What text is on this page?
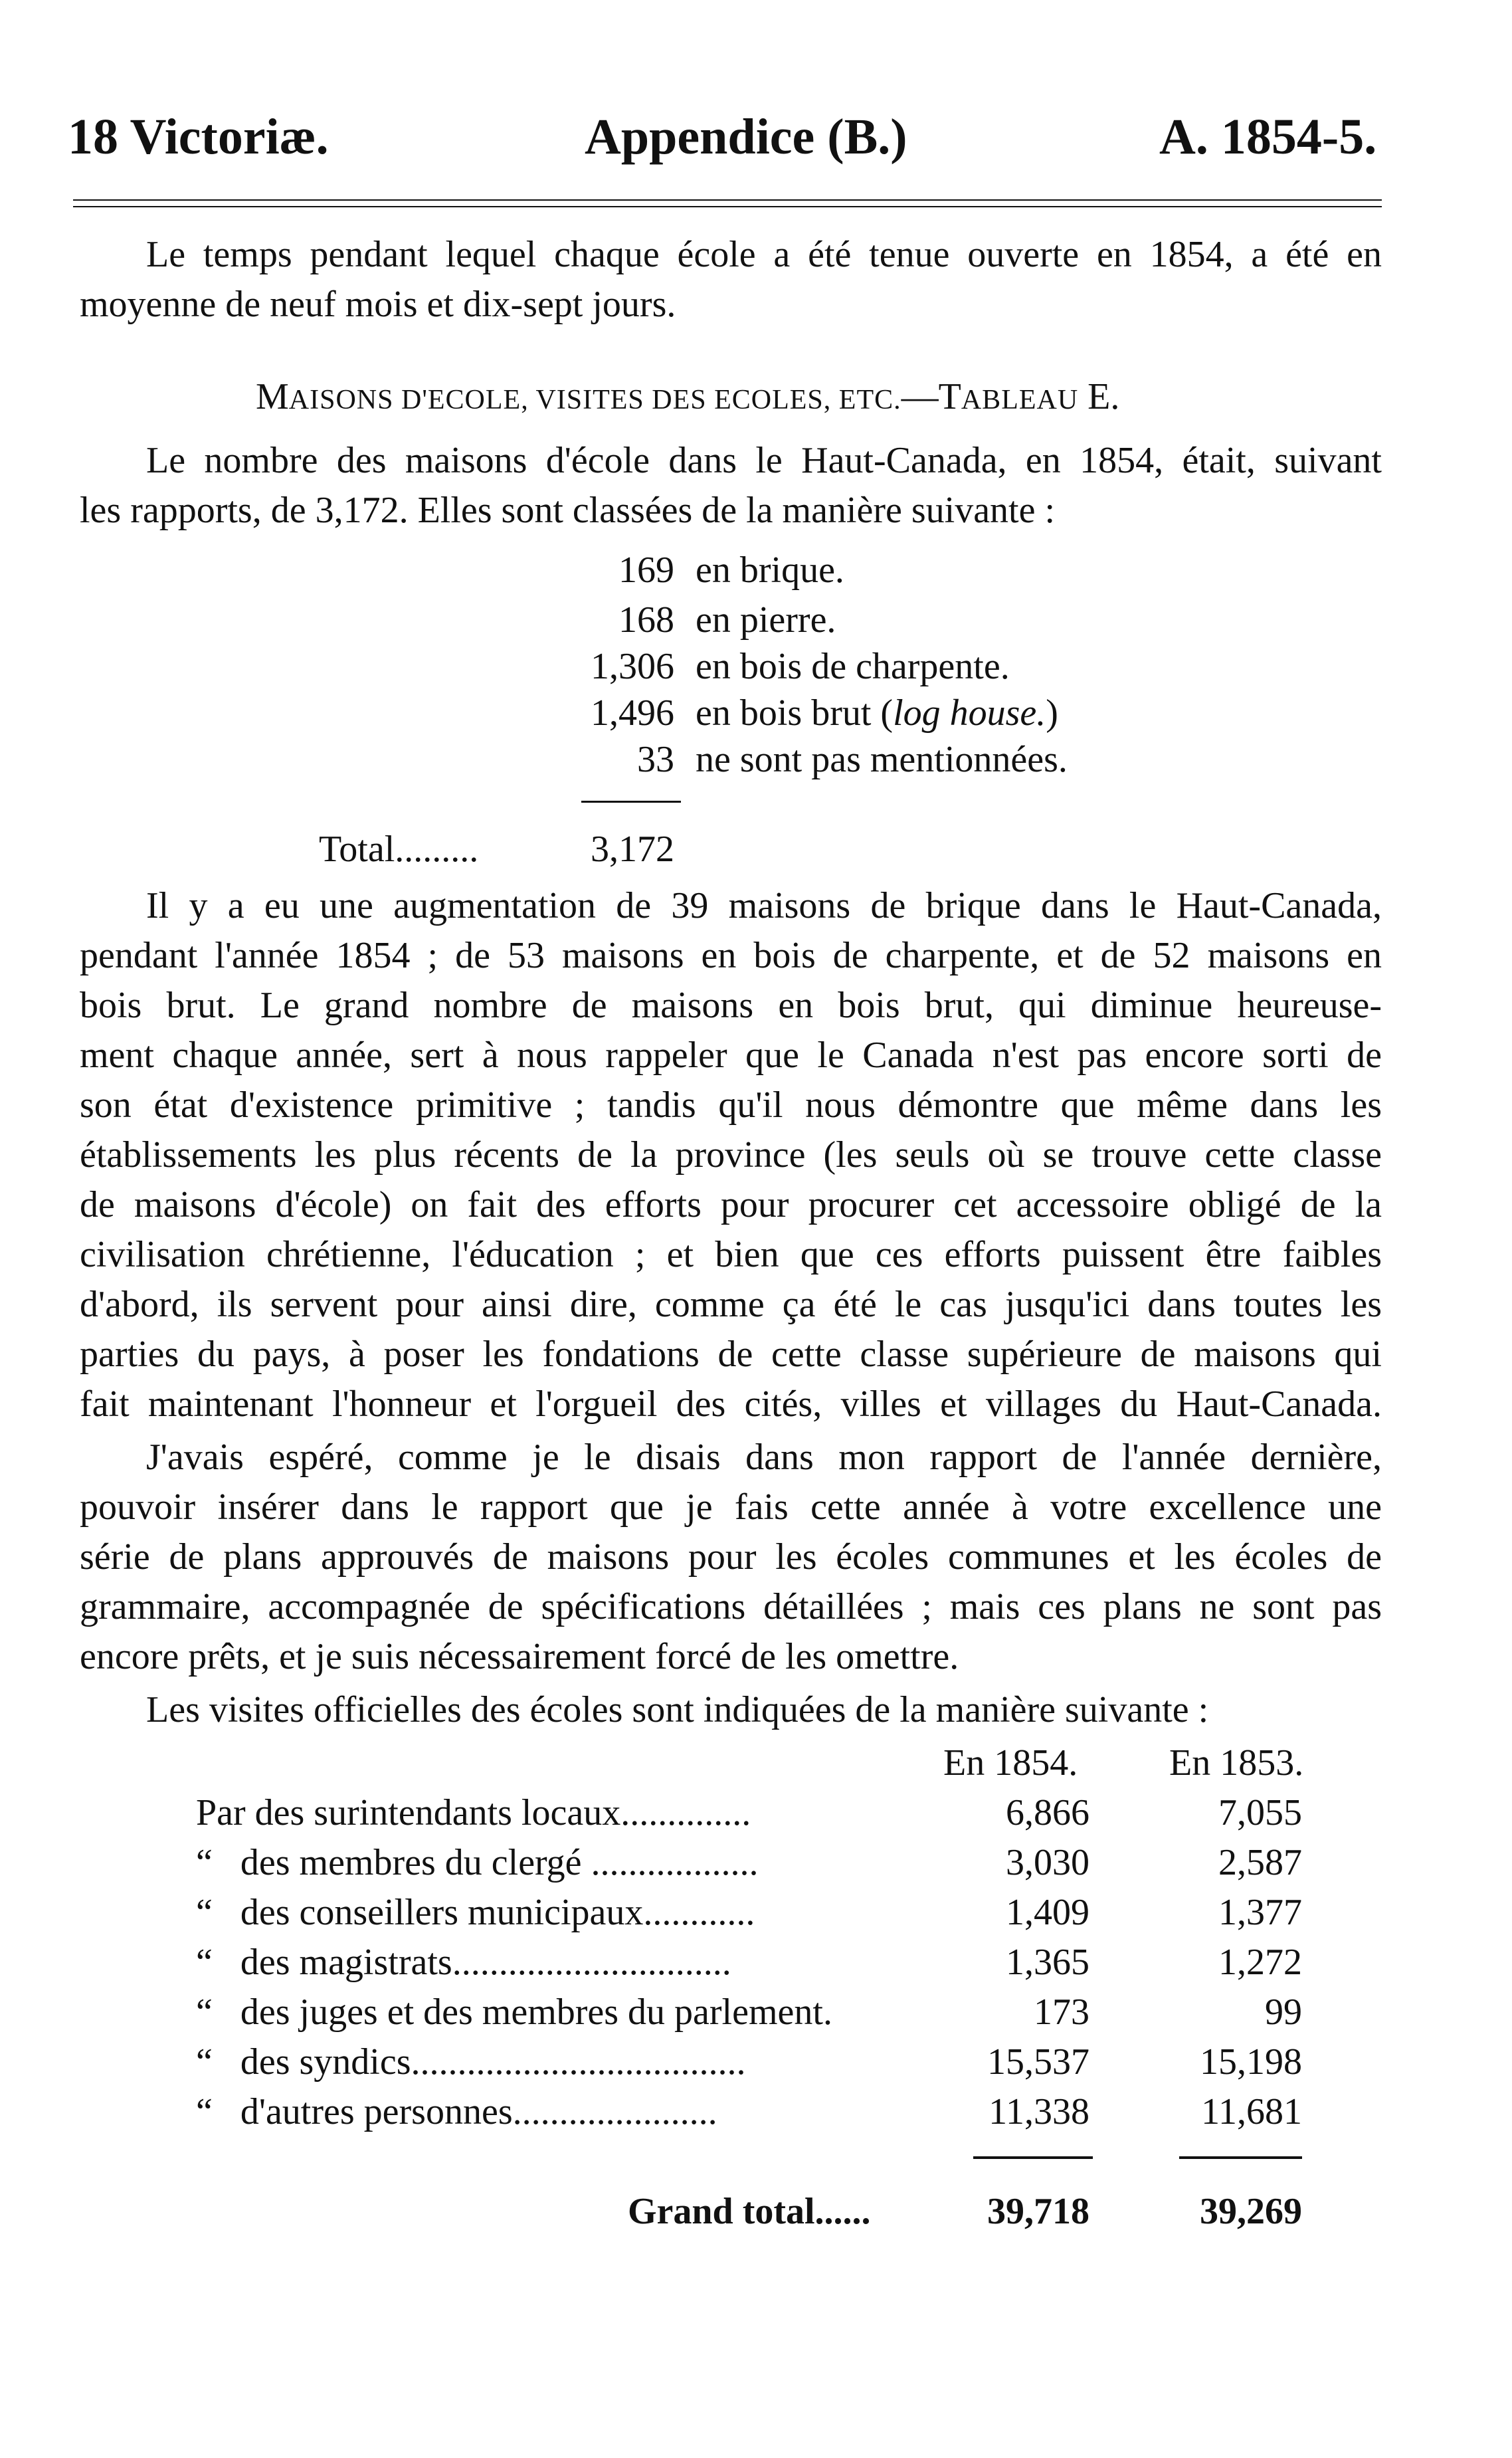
18 Victoriæ.	Appendice (B.)	A. 1854-5.
Le temps pendant lequel chaque école a été tenue ouverte en 1854, a été en
moyenne de neuf mois et dix-sept jours.
MAISONS D'ECOLE, VISITES DES ECOLES, ETC.—TABLEAU E.
Le nombre des maisons d'école dans le Haut-Canada, en 1854, était, suivant
les rapports, de 3,172. Elles sont classées de la manière suivante :
169 en brique.
168 en pierre.
1,306 en bois de charpente.
1,496 en bois brut (log house.)
33 ne sont pas mentionnées.
Total.........	3,172
Il y a eu une augmentation de 39 maisons de brique dans le Haut-Canada,
pendant l'année 1854 ; de 53 maisons en bois de charpente, et de 52 maisons en
bois brut. Le grand nombre de maisons en bois brut, qui diminue heureuse-
ment chaque année, sert à nous rappeler que le Canada n'est pas encore sorti de
son état d'existence primitive ; tandis qu'il nous démontre que même dans les
établissements les plus récents de la province (les seuls où se trouve cette classe
de maisons d'école) on fait des efforts pour procurer cet accessoire obligé de la
civilisation chrétienne, l'éducation ; et bien que ces efforts puissent être faibles
d'abord, ils servent pour ainsi dire, comme ça été le cas jusqu'ici dans toutes les
parties du pays, à poser les fondations de cette classe supérieure de maisons qui
fait maintenant l'honneur et l'orgueil des cités, villes et villages du Haut-Canada.
J'avais espéré, comme je le disais dans mon rapport de l'année dernière,
pouvoir insérer dans le rapport que je fais cette année à votre excellence une
série de plans approuvés de maisons pour les écoles communes et les écoles de
grammaire, accompagnée de spécifications détaillées ; mais ces plans ne sont pas
encore prêts, et je suis nécessairement forcé de les omettre.
Les visites officielles des écoles sont indiquées de la manière suivante :
En 1854. En 1853.
Par des surintendants locaux..............	6,866	7,055
“ des membres du clergé ..................	3,030	2,587
“ des conseillers municipaux............	1,409	1,377
“ des magistrats..............................	1,365	1,272
“ des juges et des membres du parlement.	173	99
“ des syndics....................................	15,537	15,198
“ d'autres personnes......................	11,338	11,681
Grand total......	39,718	39,269
